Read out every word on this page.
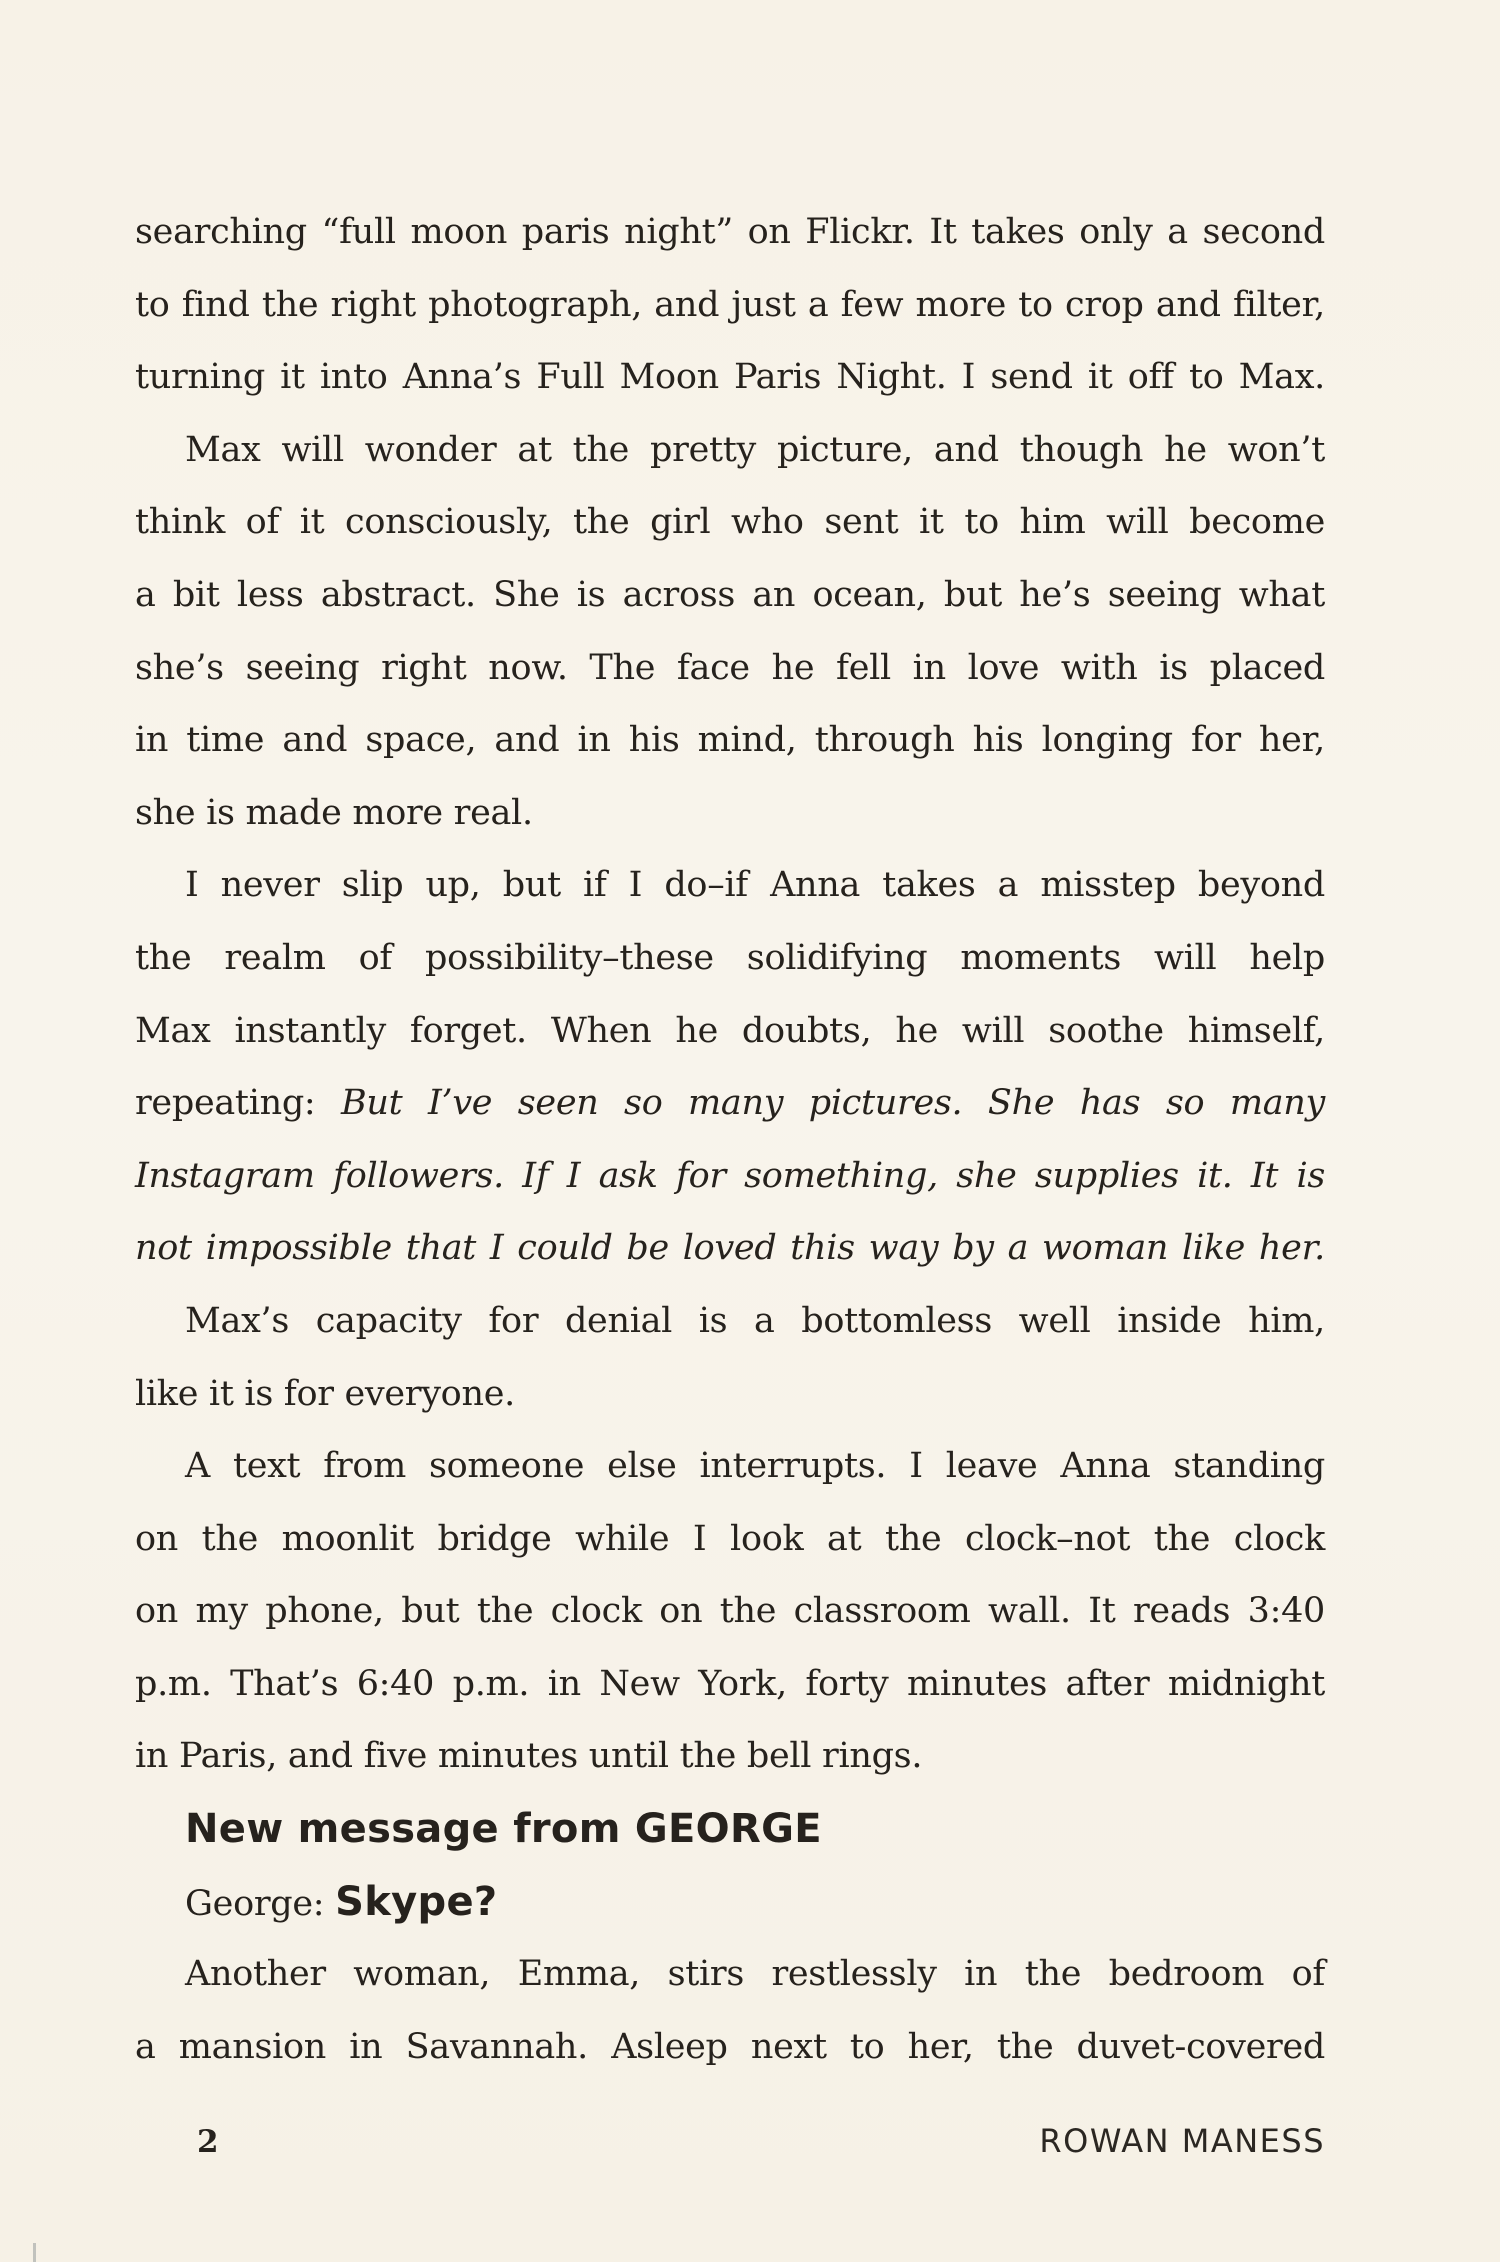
searching “full moon paris night” on Flickr. It takes only a second
to find the right photograph, and just a few more to crop and filter,
turning it into Anna’s Full Moon Paris Night. I send it off to Max.
Max will wonder at the pretty picture, and though he won’t
think of it consciously, the girl who sent it to him will become
a bit less abstract. She is across an ocean, but he’s seeing what
she’s seeing right now. The face he fell in love with is placed
in time and space, and in his mind, through his longing for her,
she is made more real.
I never slip up, but if I do–if Anna takes a misstep beyond
the realm of possibility–these solidifying moments will help
Max instantly forget. When he doubts, he will soothe himself,
repeating: But I’ve seen so many pictures. She has so many
Instagram followers. If I ask for something, she supplies it. It is
not impossible that I could be loved this way by a woman like her.
Max’s capacity for denial is a bottomless well inside him,
like it is for everyone.
A text from someone else interrupts. I leave Anna standing
on the moonlit bridge while I look at the clock–not the clock
on my phone, but the clock on the classroom wall. It reads 3:40
p.m. That’s 6:40 p.m. in New York, forty minutes after midnight
in Paris, and five minutes until the bell rings.
New message from GEORGE
George: Skype?
Another woman, Emma, stirs restlessly in the bedroom of
a mansion in Savannah. Asleep next to her, the duvet-covered
2	ROWAN MANESS
